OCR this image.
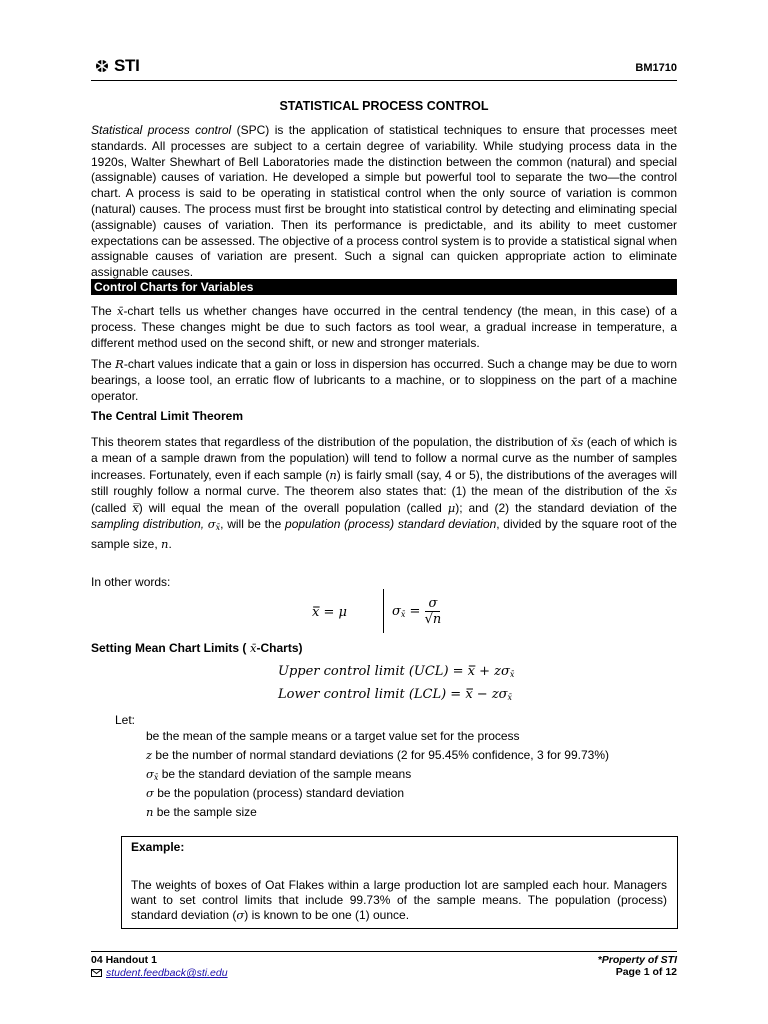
STI	BM1710
STATISTICAL PROCESS CONTROL

Statistical process control (SPC) is the application of statistical techniques to ensure that processes meet standards. All processes are subject to a certain degree of variability. While studying process data in the 1920s, Walter Shewhart of Bell Laboratories made the distinction between the common (natural) and special (assignable) causes of variation. He developed a simple but powerful tool to separate the two—the control chart. A process is said to be operating in statistical control when the only source of variation is common (natural) causes. The process must first be brought into statistical control by detecting and eliminating special (assignable) causes of variation. Then its performance is predictable, and its ability to meet customer expectations can be assessed. The objective of a process control system is to provide a statistical signal when assignable causes of variation are present. Such a signal can quicken appropriate action to eliminate assignable causes.

Control Charts for Variables

The x̄-chart tells us whether changes have occurred in the central tendency (the mean, in this case) of a process. These changes might be due to such factors as tool wear, a gradual increase in temperature, a different method used on the second shift, or new and stronger materials.

The R-chart values indicate that a gain or loss in dispersion has occurred. Such a change may be due to worn bearings, a loose tool, an erratic flow of lubricants to a machine, or to sloppiness on the part of a machine operator.

The Central Limit Theorem

This theorem states that regardless of the distribution of the population, the distribution of x̄s (each of which is a mean of a sample drawn from the population) will tend to follow a normal curve as the number of samples increases. Fortunately, even if each sample (n) is fairly small (say, 4 or 5), the distributions of the averages will still roughly follow a normal curve. The theorem also states that: (1) the mean of the distribution of the x̄s (called x̿) will equal the mean of the overall population (called μ); and (2) the standard deviation of the sampling distribution, $\sigma_{x̄}$, will be the population (process) standard deviation, divided by the square root of the sample size, n.

In other words:
x̿ = μ	$\sigma_{x̄} = \frac{\sigma}{√n}$
Setting Mean Chart Limits ( x̄-Charts)
Upper control limit (UCL) = x̿ + $z\sigma_{x̄}$
Lower control limit (LCL) = x̿ − $z\sigma_{x̄}$
Let:
be the mean of the sample means or a target value set for the process
z be the number of normal standard deviations (2 for 95.45% confidence, 3 for 99.73%)
$\sigma_{x̄}$ be the standard deviation of the sample means
σ be the population (process) standard deviation
n be the sample size
Example:

The weights of boxes of Oat Flakes within a large production lot are sampled each hour. Managers want to set control limits that include 99.73% of the sample means. The population (process) standard deviation (σ) is known to be one (1) ounce.

04 Handout 1
student.feedback@sti.edu
*Property of STI
Page 1 of 12
